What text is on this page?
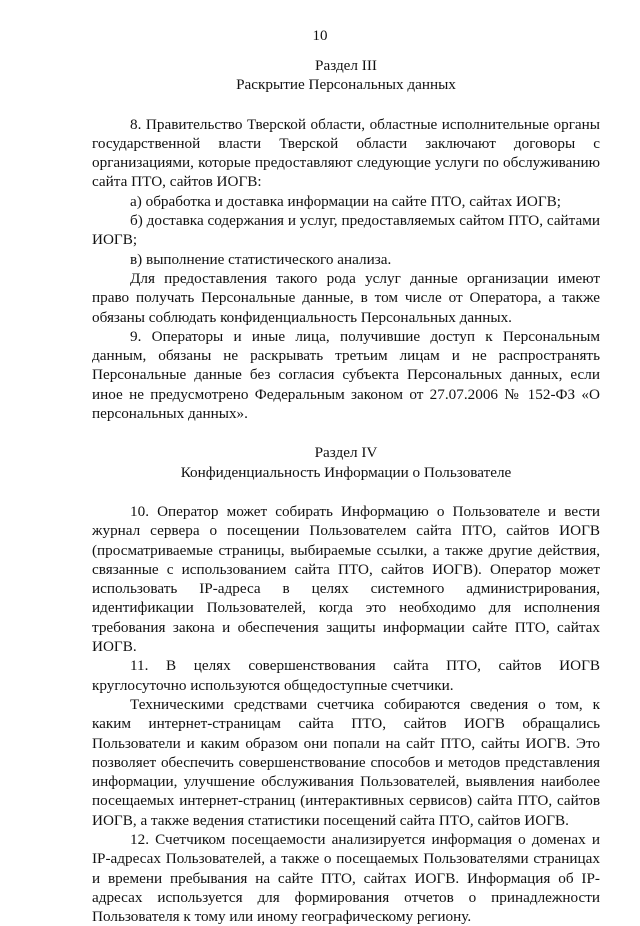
10
Раздел III
Раскрытие Персональных данных

8. Правительство Тверской области, областные исполнительные органы государственной власти Тверской области заключают договоры с организациями, которые предоставляют следующие услуги по обслуживанию сайта ПТО, сайтов ИОГВ:

а) обработка и доставка информации на сайте ПТО, сайтах ИОГВ;

б) доставка содержания и услуг, предоставляемых сайтом ПТО, сайтами ИОГВ;

в) выполнение статистического анализа.

Для предоставления такого рода услуг данные организации имеют право получать Персональные данные, в том числе от Оператора, а также обязаны соблюдать конфиденциальность Персональных данных.

9. Операторы и иные лица, получившие доступ к Персональным данным, обязаны не раскрывать третьим лицам и не распространять Персональные данные без согласия субъекта Персональных данных, если иное не предусмотрено Федеральным законом от 27.07.2006 № 152-ФЗ «О персональных данных».

Раздел IV
Конфиденциальность Информации о Пользователе

10. Оператор может собирать Информацию о Пользователе и вести журнал сервера о посещении Пользователем сайта ПТО, сайтов ИОГВ (просматриваемые страницы, выбираемые ссылки, а также другие действия, связанные с использованием сайта ПТО, сайтов ИОГВ). Оператор может использовать IP-адреса в целях системного администрирования, идентификации Пользователей, когда это необходимо для исполнения требования закона и обеспечения защиты информации сайте ПТО, сайтах ИОГВ.

11. В целях совершенствования сайта ПТО, сайтов ИОГВ круглосуточно используются общедоступные счетчики.

Техническими средствами счетчика собираются сведения о том, к каким интернет-страницам сайта ПТО, сайтов ИОГВ обращались Пользователи и каким образом они попали на сайт ПТО, сайты ИОГВ. Это позволяет обеспечить совершенствование способов и методов представления информации, улучшение обслуживания Пользователей, выявления наиболее посещаемых интернет-страниц (интерактивных сервисов) сайта ПТО, сайтов ИОГВ, а также ведения статистики посещений сайта ПТО, сайтов ИОГВ.

12. Счетчиком посещаемости анализируется информация о доменах и IP-адресах Пользователей, а также о посещаемых Пользователями страницах и времени пребывания на сайте ПТО, сайтах ИОГВ. Информация об IP-адресах используется для формирования отчетов о принадлежности Пользователя к тому или иному географическому региону.
